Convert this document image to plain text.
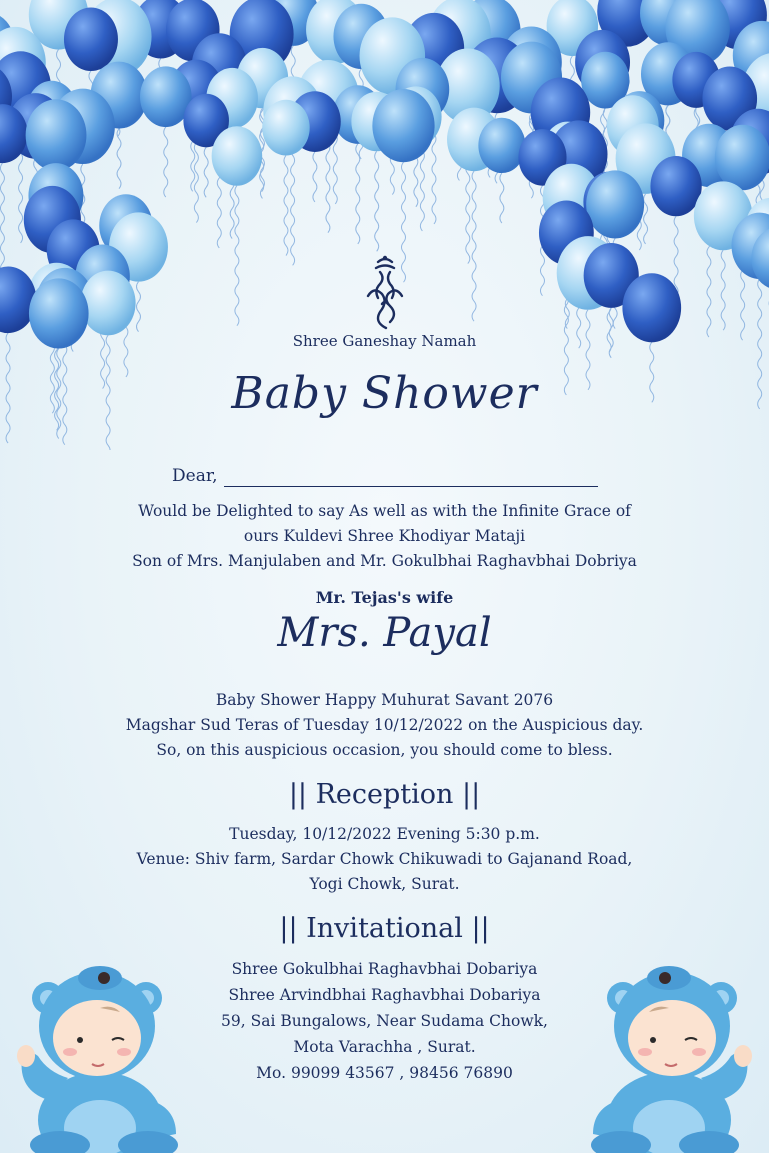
Shree Ganeshay Namah
Baby Shower
Dear,
Would be Delighted to say As well as with the Infinite Grace of
ours Kuldevi Shree Khodiyar Mataji
Son of Mrs. Manjulaben and Mr. Gokulbhai Raghavbhai Dobriya
Mr. Tejas's wife
Mrs. Payal
Baby Shower Happy Muhurat Savant 2076
Magshar Sud Teras of Tuesday 10/12/2022 on the Auspicious day.
So, on this auspicious occasion, you should come to bless.
|| Reception ||
Tuesday, 10/12/2022 Evening 5:30 p.m.
Venue: Shiv farm, Sardar Chowk Chikuwadi to Gajanand Road,
Yogi Chowk, Surat.
|| Invitational ||
Shree Gokulbhai Raghavbhai Dobariya
Shree Arvindbhai Raghavbhai Dobariya
59, Sai Bungalows, Near Sudama Chowk,
Mota Varachha , Surat.
Mo. 99099 43567 , 98456 76890
